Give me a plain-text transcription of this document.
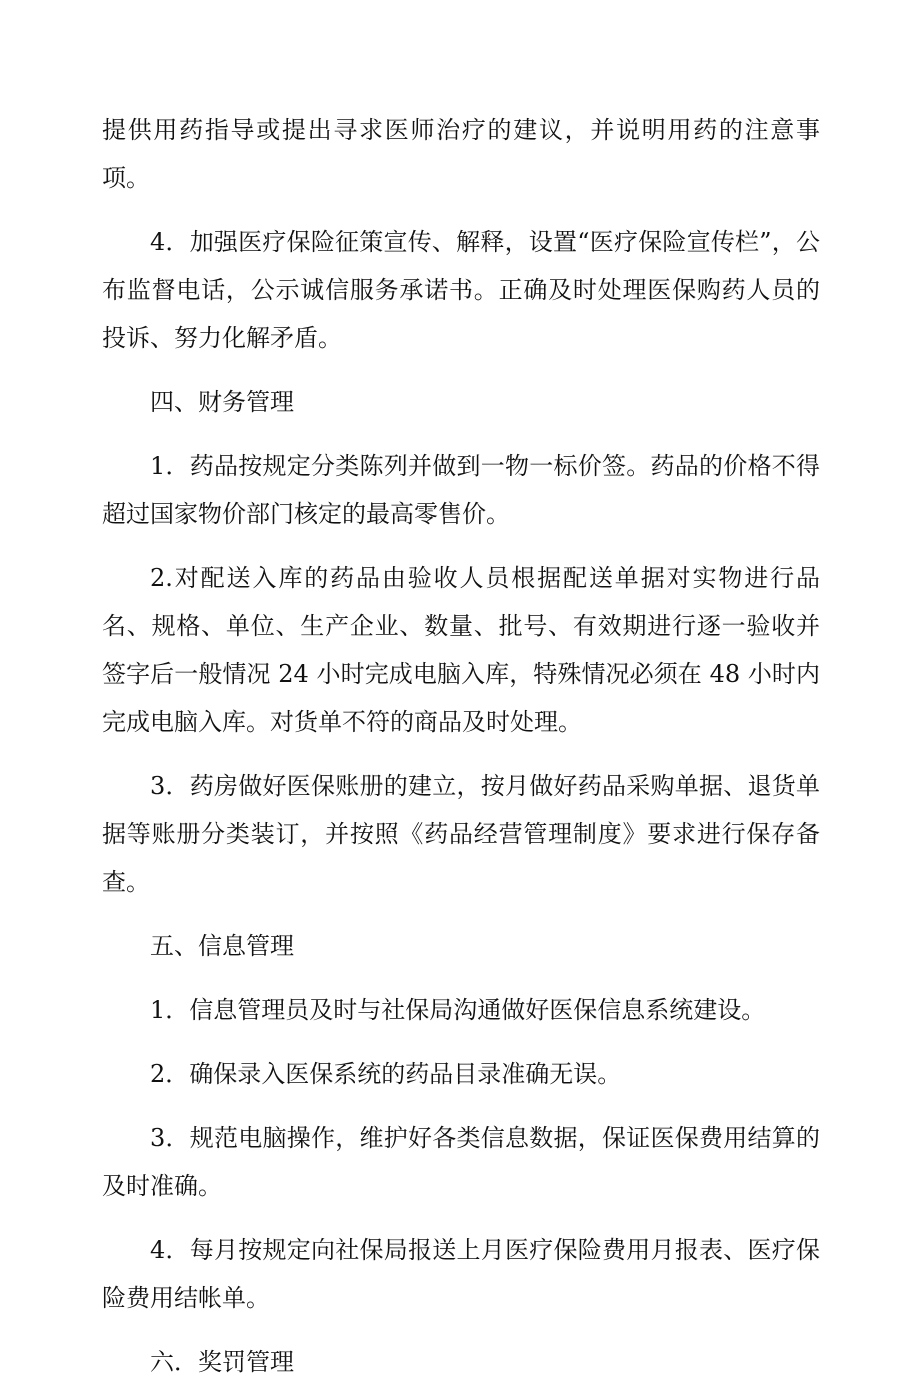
提供用药指导或提出寻求医师治疗的建议，并说明用药的注意事项。

4．加强医疗保险征策宣传、解释，设置“医疗保险宣传栏”，公布监督电话，公示诚信服务承诺书。正确及时处理医保购药人员的投诉、努力化解矛盾。

四、财务管理

1．药品按规定分类陈列并做到一物一标价签。药品的价格不得超过国家物价部门核定的最高零售价。

2.对配送入库的药品由验收人员根据配送单据对实物进行品名、规格、单位、生产企业、数量、批号、有效期进行逐一验收并签字后一般情况 24 小时完成电脑入库，特殊情况必须在 48 小时内完成电脑入库。对货单不符的商品及时处理。

3．药房做好医保账册的建立，按月做好药品采购单据、退货单据等账册分类装订，并按照《药品经营管理制度》要求进行保存备查。

五、信息管理

1．信息管理员及时与社保局沟通做好医保信息系统建设。

2．确保录入医保系统的药品目录准确无误。

3．规范电脑操作，维护好各类信息数据，保证医保费用结算的及时准确。

4．每月按规定向社保局报送上月医疗保险费用月报表、医疗保险费用结帐单。

六．奖罚管理
